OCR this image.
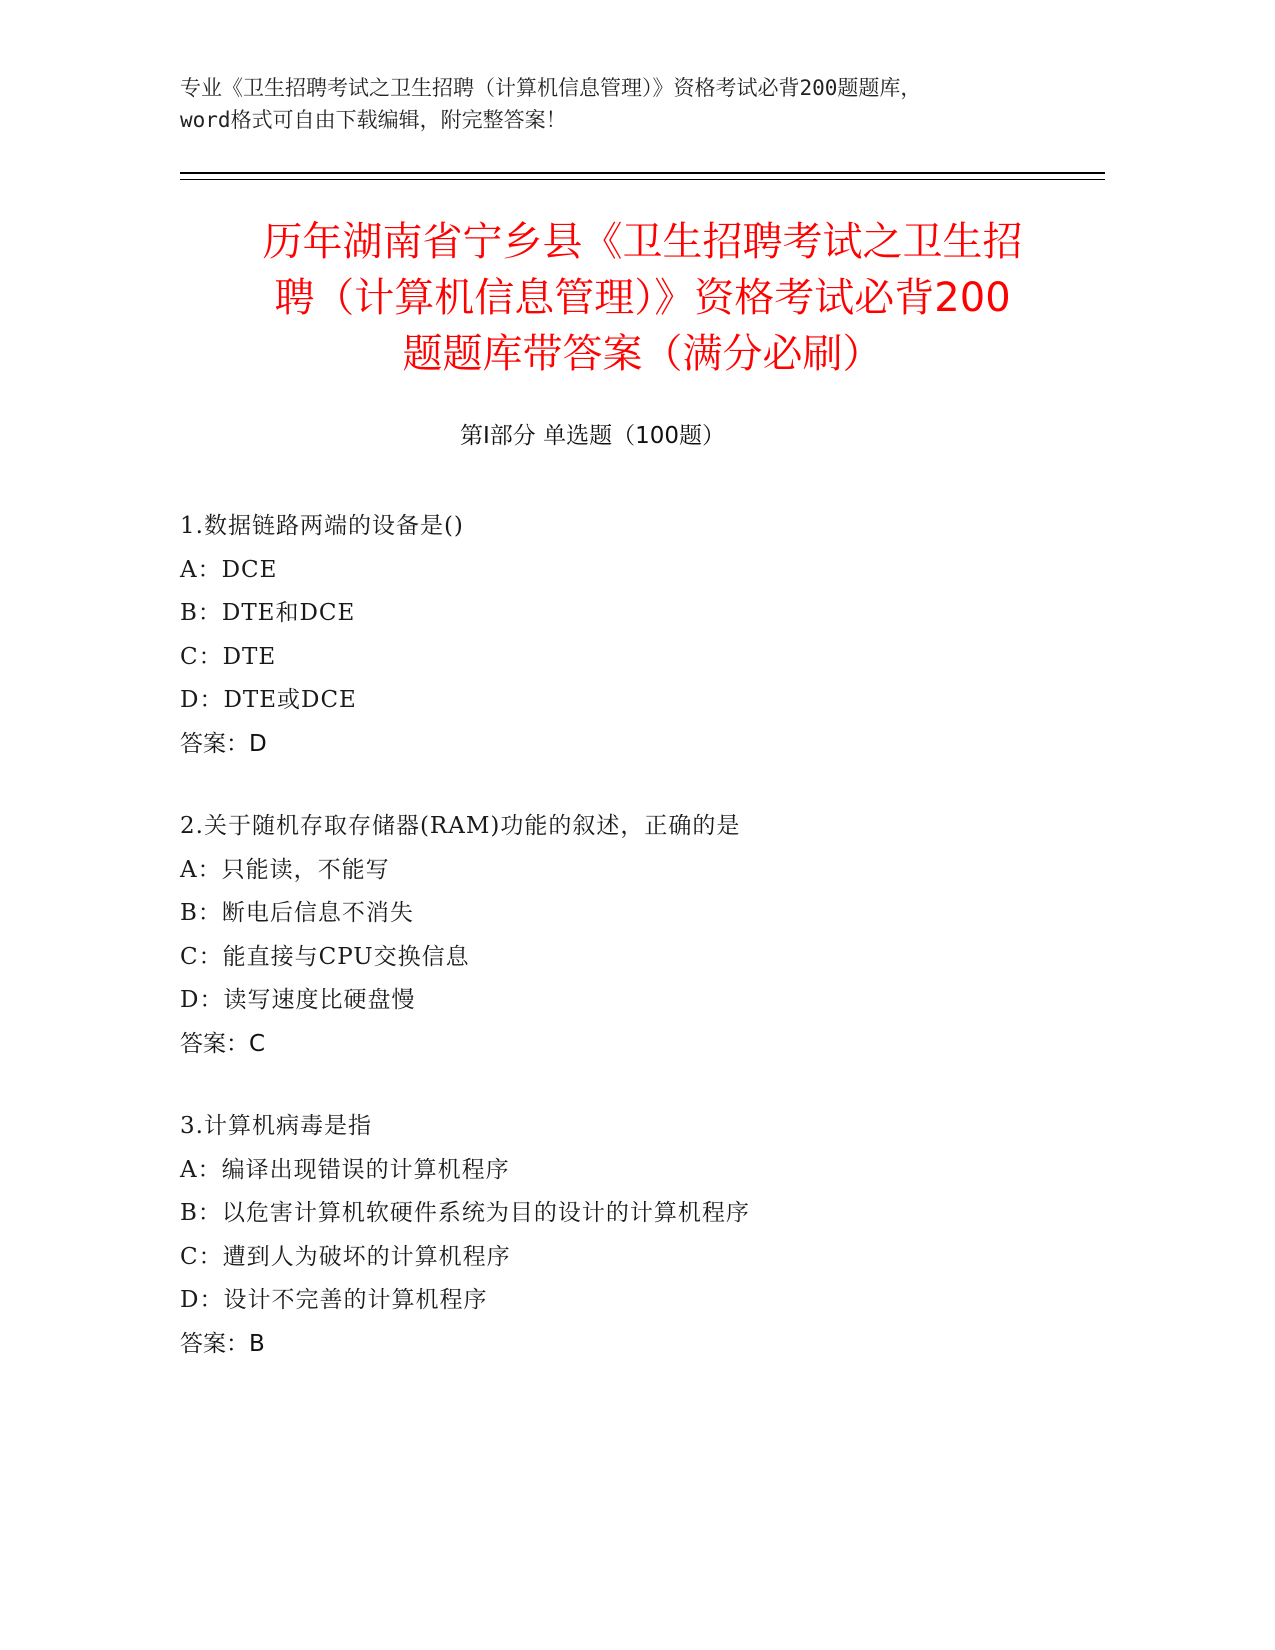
专业《卫生招聘考试之卫生招聘（计算机信息管理）》资格考试必背200题题库，
word格式可自由下载编辑，附完整答案！
历年湖南省宁乡县《卫生招聘考试之卫生招
聘（计算机信息管理）》资格考试必背200
题题库带答案（满分必刷）
第Ⅰ部分 单选题（100题）
1.数据链路两端的设备是()
A：DCE
B：DTE和DCE
C：DTE
D：DTE或DCE
答案：D
2.关于随机存取存储器(RAM)功能的叙述，正确的是
A：只能读，不能写
B：断电后信息不消失
C：能直接与CPU交换信息
D：读写速度比硬盘慢
答案：C
3.计算机病毒是指
A：编译出现错误的计算机程序
B：以危害计算机软硬件系统为目的设计的计算机程序
C：遭到人为破坏的计算机程序
D：设计不完善的计算机程序
答案：B
